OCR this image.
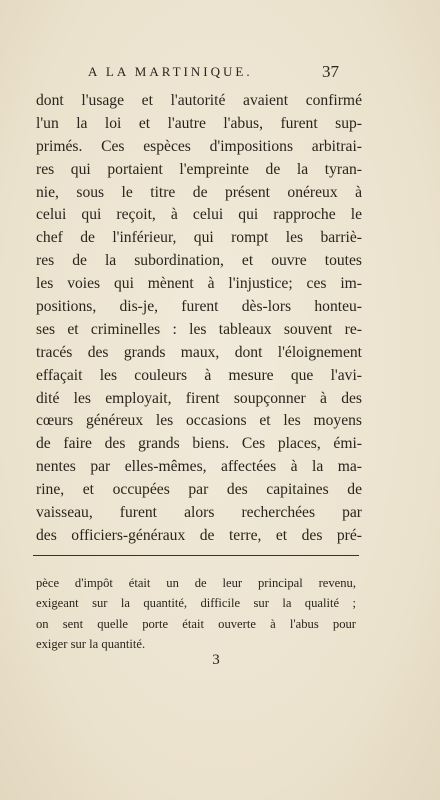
A LA MARTINIQUE.	37
dont l'usage et l'autorité avaient confirmé
l'un la loi et l'autre l'abus, furent sup-
primés. Ces espèces d'impositions arbitrai-
res qui portaient l'empreinte de la tyran-
nie, sous le titre de présent onéreux à
celui qui reçoit, à celui qui rapproche le
chef de l'inférieur, qui rompt les barriè-
res de la subordination, et ouvre toutes
les voies qui mènent à l'injustice; ces im-
positions, dis-je, furent dès-lors honteu-
ses et criminelles : les tableaux souvent re-
tracés des grands maux, dont l'éloignement
effaçait les couleurs à mesure que l'avi-
dité les employait, firent soupçonner à des
cœurs généreux les occasions et les moyens
de faire des grands biens. Ces places, émi-
nentes par elles-mêmes, affectées à la ma-
rine, et occupées par des capitaines de
vaisseau, furent alors recherchées par
des officiers-généraux de terre, et des pré-
pèce d'impôt était un de leur principal revenu,
exigeant sur la quantité, difficile sur la qualité ;
on sent quelle porte était ouverte à l'abus pour
exiger sur la quantité.
3
